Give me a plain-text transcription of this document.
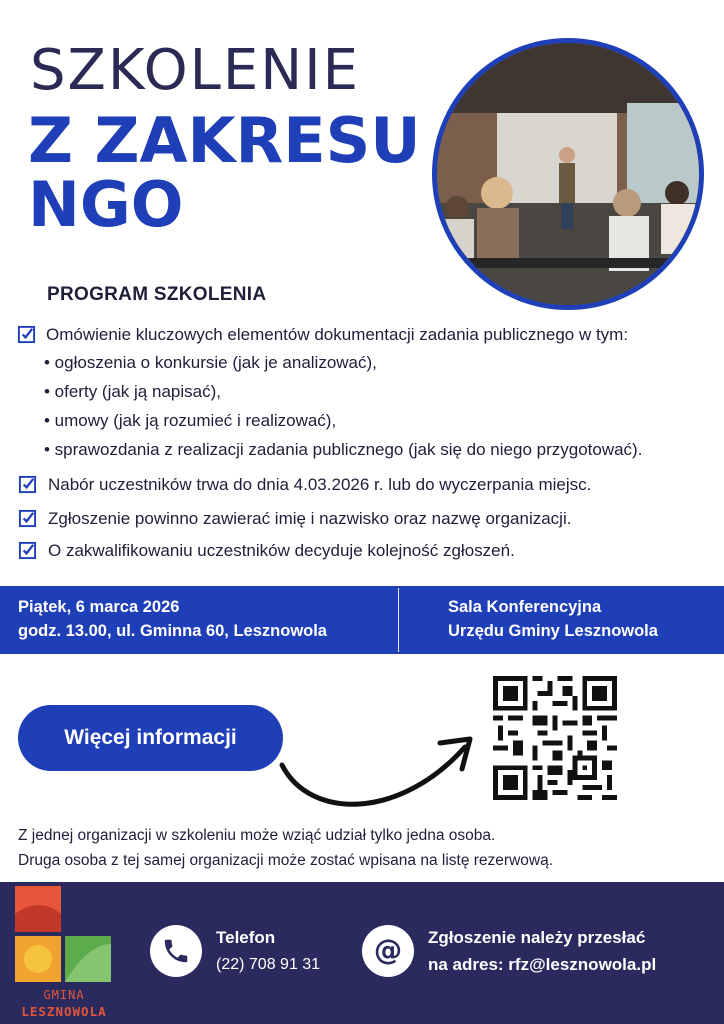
SZKOLENIE
Z ZAKRESU
NGO
PROGRAM SZKOLENIA
Omówienie kluczowych elementów dokumentacji zadania publicznego w tym:
• ogłoszenia o konkursie (jak je analizować),
• oferty (jak ją napisać),
• umowy (jak ją rozumieć i realizować),
• sprawozdania z realizacji zadania publicznego (jak się do niego przygotować).
Nabór uczestników trwa do dnia 4.03.2026 r. lub do wyczerpania miejsc.
Zgłoszenie powinno zawierać imię i nazwisko oraz nazwę organizacji.
O zakwalifikowaniu uczestników decyduje kolejność zgłoszeń.
Piątek, 6 marca 2026
godz. 13.00, ul. Gminna 60, Lesznowola
Sala Konferencyjna
Urzędu Gminy Lesznowola
Więcej informacji
Z jednej organizacji w szkoleniu może wziąć udział tylko jedna osoba.
Druga osoba z tej samej organizacji może zostać wpisana na listę rezerwową.
GMINA
LESZNOWOLA
Telefon
(22) 708 91 31	@ Zgłoszenie należy przesłać
na adres: rfz@lesznowola.pl
